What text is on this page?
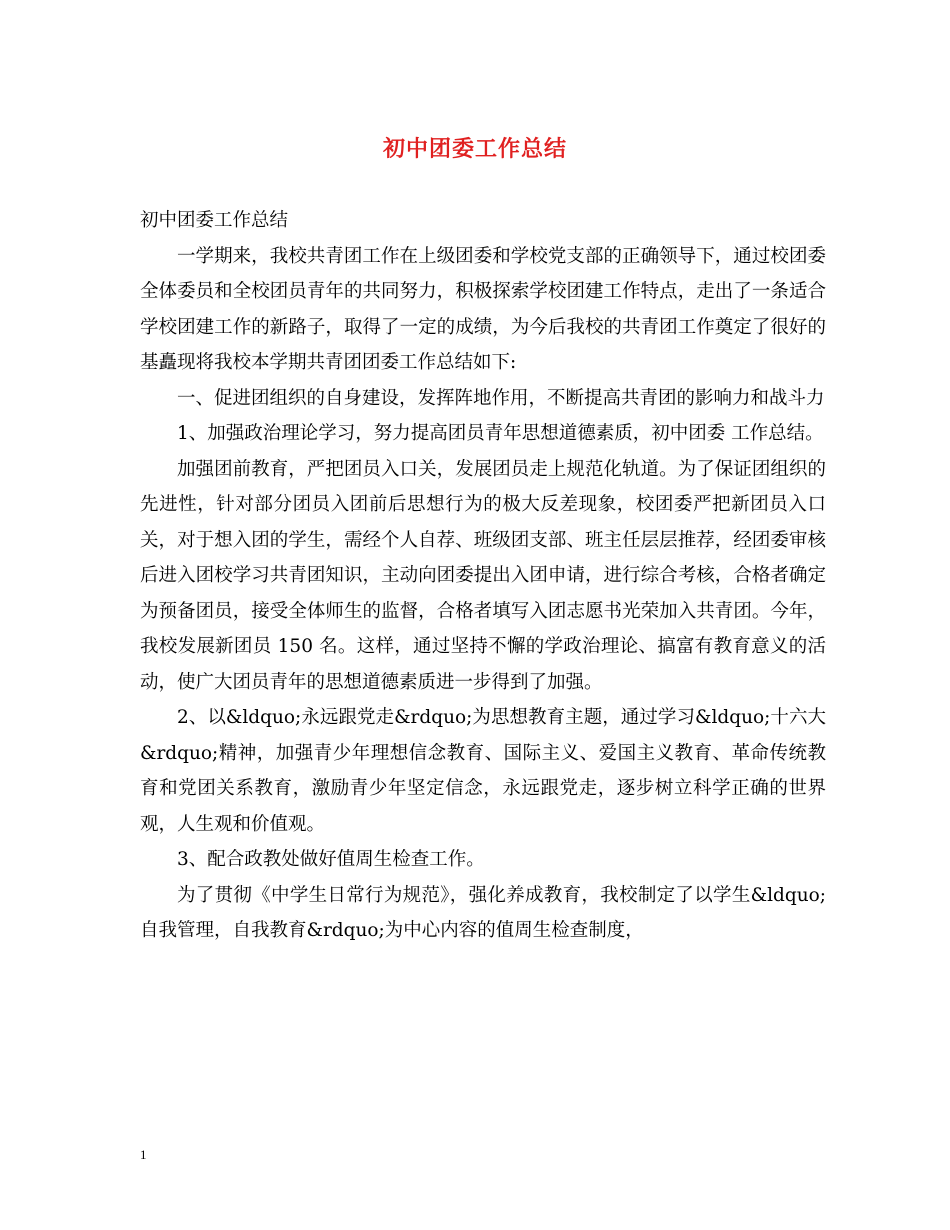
初中团委工作总结

初中团委工作总结

一学期来，我校共青团工作在上级团委和学校党支部的正确领导下，通过校团委全体委员和全校团员青年的共同努力，积极探索学校团建工作特点，走出了一条适合学校团建工作的新路子，取得了一定的成绩，为今后我校的共青团工作奠定了很好的基矗现将我校本学期共青团团委工作总结如下:

一、促进团组织的自身建设，发挥阵地作用，不断提高共青团的影响力和战斗力

1、加强政治理论学习，努力提高团员青年思想道德素质，初中团委 工作总结。

加强团前教育，严把团员入口关，发展团员走上规范化轨道。为了保证团组织的先进性，针对部分团员入团前后思想行为的极大反差现象，校团委严把新团员入口关，对于想入团的学生，需经个人自荐、班级团支部、班主任层层推荐，经团委审核后进入团校学习共青团知识，主动向团委提出入团申请，进行综合考核，合格者确定为预备团员，接受全体师生的监督，合格者填写入团志愿书光荣加入共青团。今年，我校发展新团员 150 名。这样，通过坚持不懈的学政治理论、搞富有教育意义的活动，使广大团员青年的思想道德素质进一步得到了加强。

2、以&ldquo;永远跟党走&rdquo;为思想教育主题，通过学习&ldquo;十六大&rdquo;精神，加强青少年理想信念教育、国际主义、爱国主义教育、革命传统教育和党团关系教育，激励青少年坚定信念，永远跟党走，逐步树立科学正确的世界观，人生观和价值观。

3、配合政教处做好值周生检查工作。

为了贯彻《中学生日常行为规范》，强化养成教育，我校制定了以学生&ldquo;自我管理，自我教育&rdquo;为中心内容的值周生检查制度，

1
